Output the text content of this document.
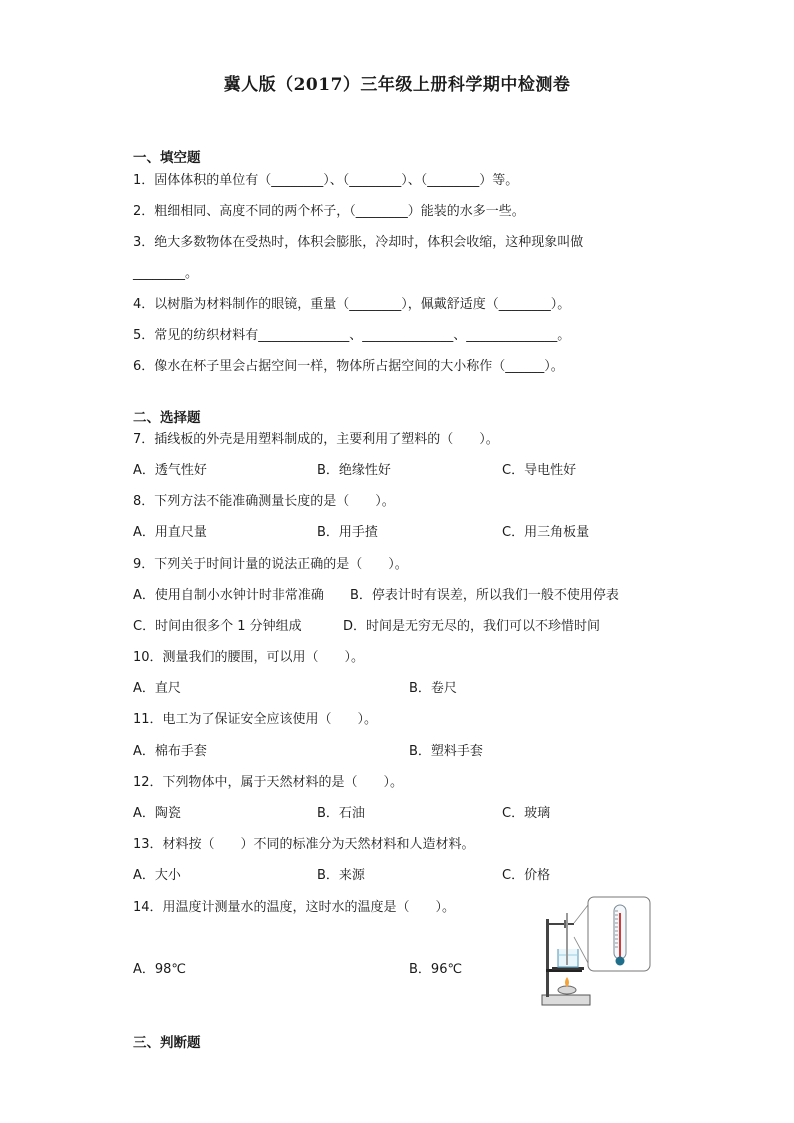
冀人版（2017）三年级上册科学期中检测卷
一、填空题
1．固体体积的单位有（________）、（________）、（________）等。
2．粗细相同、高度不同的两个杯子，（________）能装的水多一些。
3．绝大多数物体在受热时，体积会膨胀，冷却时，体积会收缩，这种现象叫做
________。
4．以树脂为材料制作的眼镜，重量（________），佩戴舒适度（________）。
5．常见的纺织材料有______________、______________、______________。
6．像水在杯子里会占据空间一样，物体所占据空间的大小称作（______）。
二、选择题
7．插线板的外壳是用塑料制成的，主要利用了塑料的（　　）。
A．透气性好	B．绝缘性好	C．导电性好
8．下列方法不能准确测量长度的是（　　）。
A．用直尺量	B．用手揸	C．用三角板量
9．下列关于时间计量的说法正确的是（　　）。
A．使用自制小水钟计时非常准确 B．停表计时有误差，所以我们一般不使用停表
C．时间由很多个 1 分钟组成	D．时间是无穷无尽的，我们可以不珍惜时间
10．测量我们的腰围，可以用（　　）。
A．直尺	B．卷尺
11．电工为了保证安全应该使用（　　）。
A．棉布手套	B．塑料手套
12．下列物体中，属于天然材料的是（　　）。
A．陶瓷	B．石油	C．玻璃
13．材料按（　　）不同的标准分为天然材料和人造材料。
A．大小	B．来源	C．价格
14．用温度计测量水的温度，这时水的温度是（　　）。
A．98℃	B．96℃
三、判断题
